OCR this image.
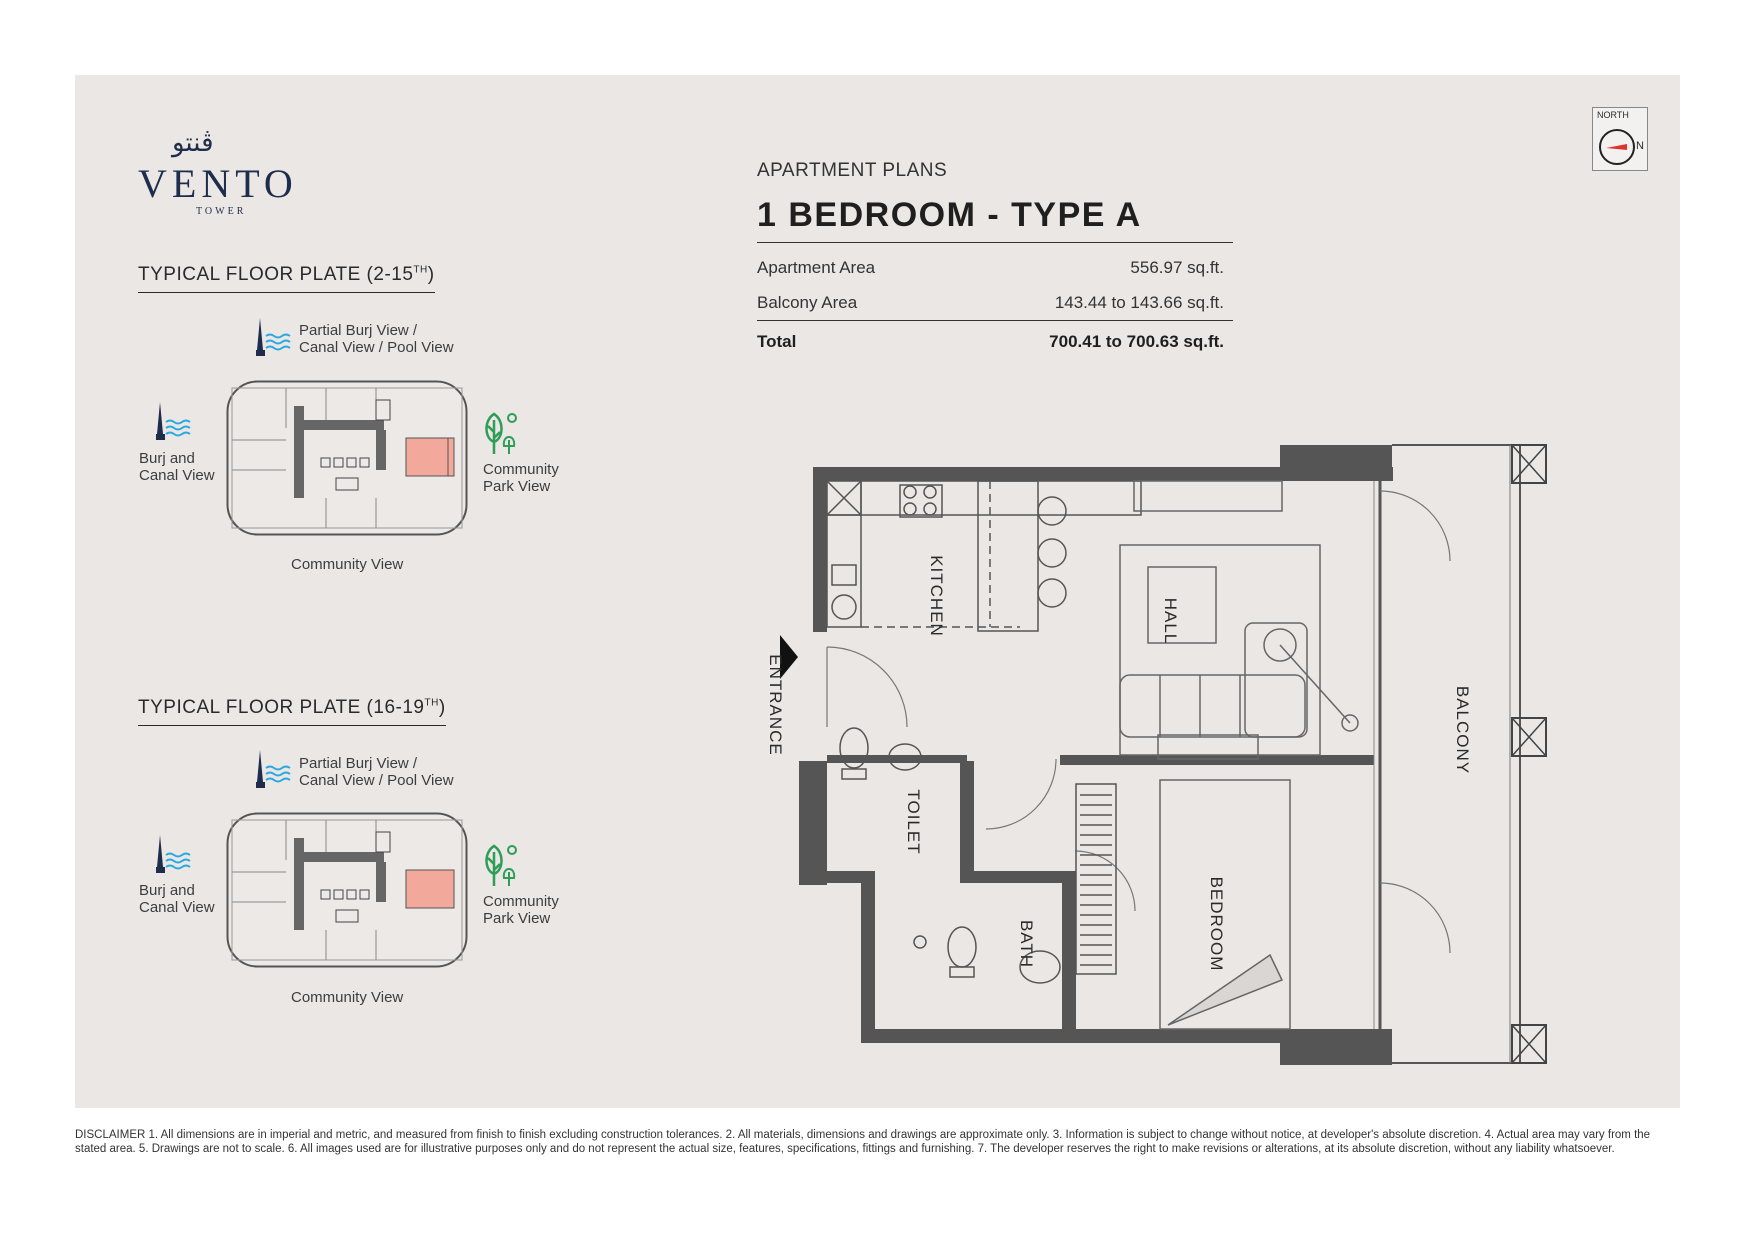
ڤنتو
VENTO
TOWER
NORTH
N
TYPICAL FLOOR PLATE (2-15TH)
Partial Burj View /
Canal View / Pool View
Burj and
Canal View	Community
Park View
Community View
TYPICAL FLOOR PLATE (16-19TH)
Partial Burj View /
Canal View / Pool View
Burj and
Canal View	Community
Park View
Community View
APARTMENT PLANS
1 BEDROOM - TYPE A
Apartment Area	556.97 sq.ft.
Balcony Area	143.44 to 143.66 sq.ft.
Total	700.41 to 700.63 sq.ft.
ENTRANCE
KITCHEN	HALL
BALCONY
TOILET
BATH	BEDROOM
DISCLAIMER 1. All dimensions are in imperial and metric, and measured from finish to finish excluding construction tolerances. 2. All materials, dimensions and drawings are approximate only. 3. Information is subject to change without notice, at developer's absolute discretion. 4. Actual area may vary from the stated area. 5. Drawings are not to scale. 6. All images used are for illustrative purposes only and do not represent the actual size, features, specifications, fittings and furnishing. 7. The developer reserves the right to make revisions or alterations, at its absolute discretion, without any liability whatsoever.
